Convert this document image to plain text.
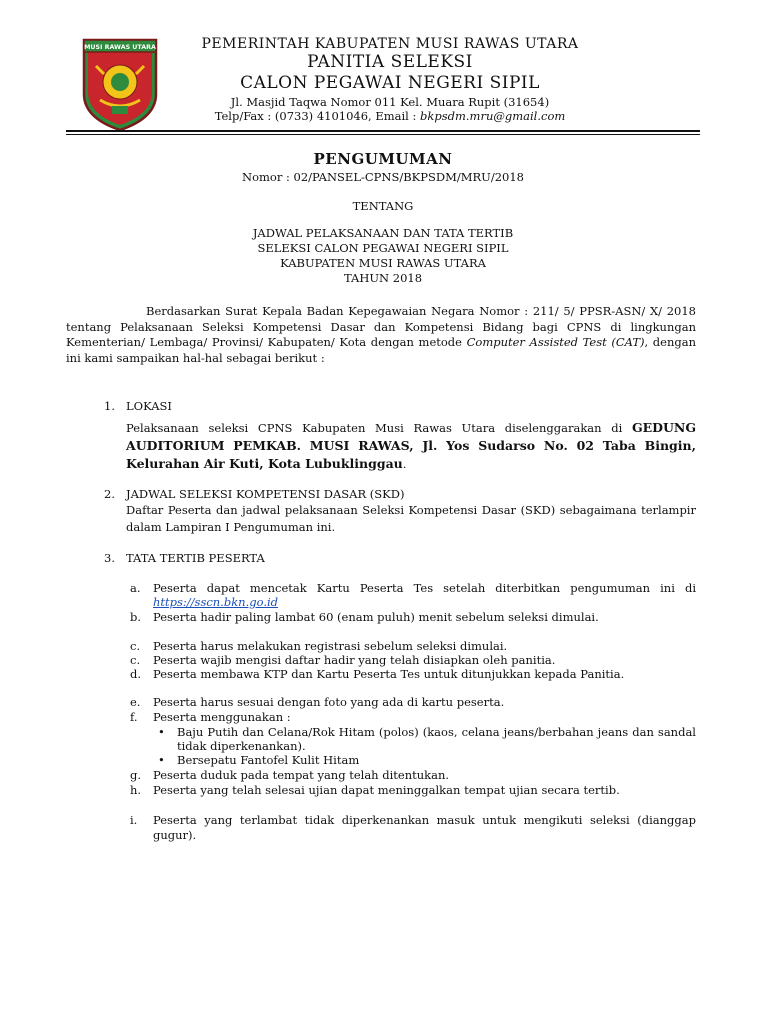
MUSI RAWAS UTARA	PEMERINTAH KABUPATEN MUSI RAWAS UTARA
PANITIA SELEKSI
CALON PEGAWAI NEGERI SIPIL
Jl. Masjid Taqwa Nomor 011 Kel. Muara Rupit (31654)
Telp/Fax : (0733) 4101046, Email : bkpsdm.mru@gmail.com
PENGUMUMAN
Nomor : 02/PANSEL-CPNS/BKPSDM/MRU/2018
TENTANG
JADWAL PELAKSANAAN DAN TATA TERTIB
SELEKSI CALON PEGAWAI NEGERI SIPIL
KABUPATEN MUSI RAWAS UTARA
TAHUN 2018
Berdasarkan Surat Kepala Badan Kepegawaian Negara Nomor : 211/ 5/ PPSR-ASN/ X/ 2018 tentang Pelaksanaan Seleksi Kompetensi Dasar dan Kompetensi Bidang bagi CPNS di lingkungan Kementerian/ Lembaga/ Provinsi/ Kabupaten/ Kota dengan metode Computer Assisted Test (CAT), dengan ini kami sampaikan hal-hal sebagai berikut :
1. LOKASI
Pelaksanaan seleksi CPNS Kabupaten Musi Rawas Utara diselenggarakan di GEDUNG AUDITORIUM PEMKAB. MUSI RAWAS, Jl. Yos Sudarso No. 02 Taba Bingin, Kelurahan Air Kuti, Kota Lubuklinggau.
2. JADWAL SELEKSI KOMPETENSI DASAR (SKD)
Daftar Peserta dan jadwal pelaksanaan Seleksi Kompetensi Dasar (SKD) sebagaimana terlampir dalam Lampiran I Pengumuman ini.
3. TATA TERTIB PESERTA
a. Peserta dapat mencetak Kartu Peserta Tes setelah diterbitkan pengumuman ini di https://sscn.bkn.go.id
b. Peserta hadir paling lambat 60 (enam puluh) menit sebelum seleksi dimulai.
c. Peserta harus melakukan registrasi sebelum seleksi dimulai.
c. Peserta wajib mengisi daftar hadir yang telah disiapkan oleh panitia.
d. Peserta membawa KTP dan Kartu Peserta Tes untuk ditunjukkan kepada Panitia.
e. Peserta harus sesuai dengan foto yang ada di kartu peserta.
f. Peserta menggunakan :
• Baju Putih dan Celana/Rok Hitam (polos) (kaos, celana jeans/berbahan jeans dan sandal tidak diperkenankan).
• Bersepatu Fantofel Kulit Hitam
g. Peserta duduk pada tempat yang telah ditentukan.
h. Peserta yang telah selesai ujian dapat meninggalkan tempat ujian secara tertib.
i. Peserta yang terlambat tidak diperkenankan masuk untuk mengikuti seleksi (dianggap gugur).
